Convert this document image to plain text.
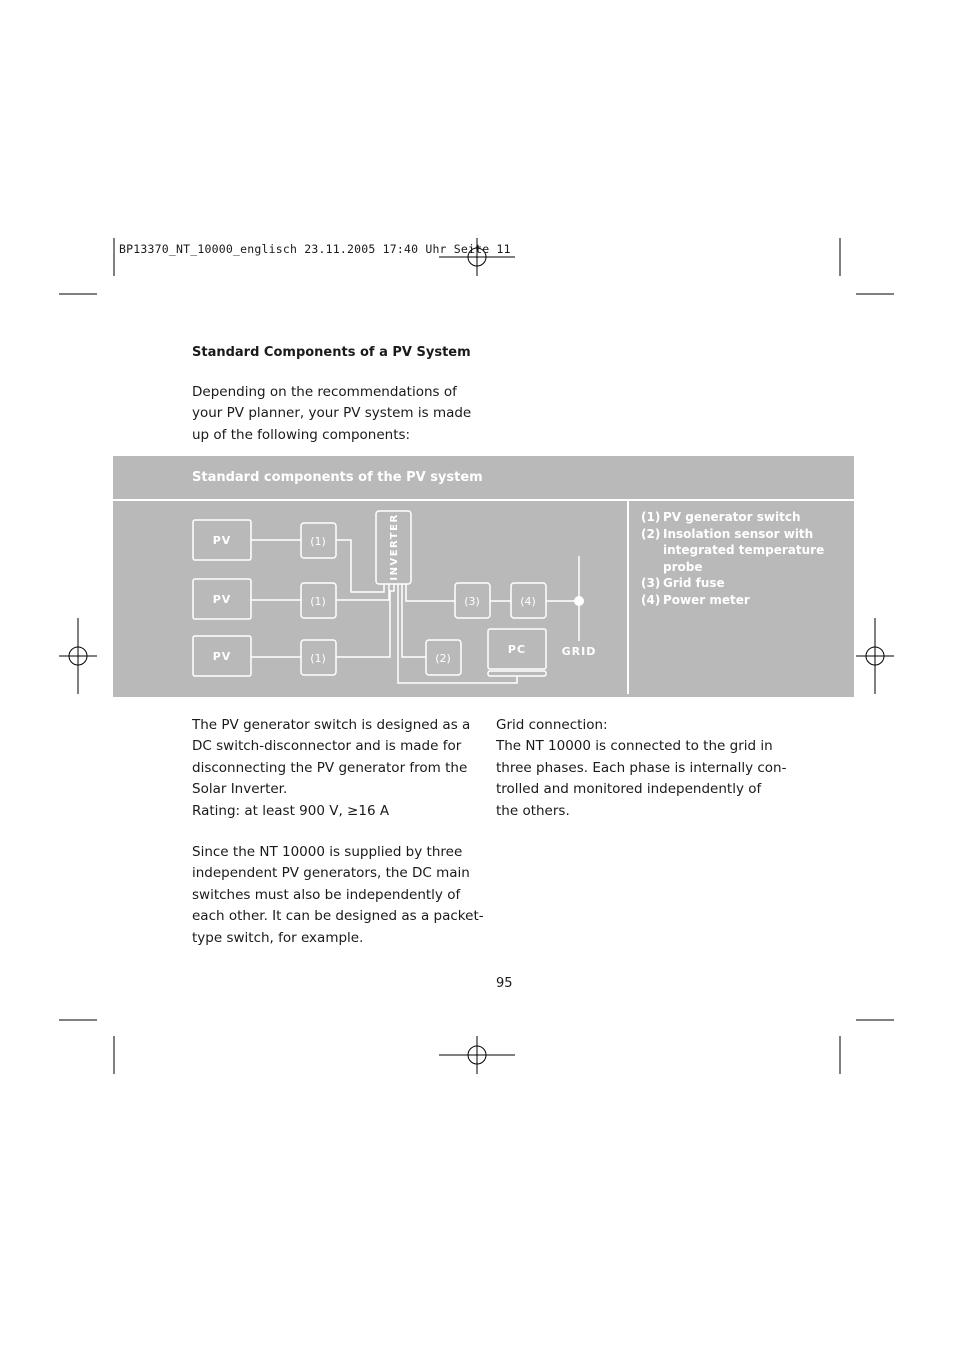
BP13370_NT_10000_englisch 23.11.2005 17:40 Uhr Seite 11
Standard Components of a PV System

Depending on the recommendations of
your PV planner, your PV system is made
up of the following components:

Standard components of the PV system
PV
PV
PV
PC	GRID
INVERTER
(1)
(1)
(1)
(3)	(4)
(2)
(1) PV generator switch
(2) Insolation sensor with
integrated temperature
probe
(3) Grid fuse
(4) Power meter

The PV generator switch is designed as a
DC switch-disconnector and is made for
disconnecting the PV generator from the
Solar Inverter.
Rating: at least 900 V, ≥16 A

Since the NT 10000 is supplied by three
independent PV generators, the DC main
switches must also be independently of
each other. It can be designed as a packet-
type switch, for example.

Grid connection:
The NT 10000 is connected to the grid in
three phases. Each phase is internally con-
trolled and monitored independently of
the others.

95
